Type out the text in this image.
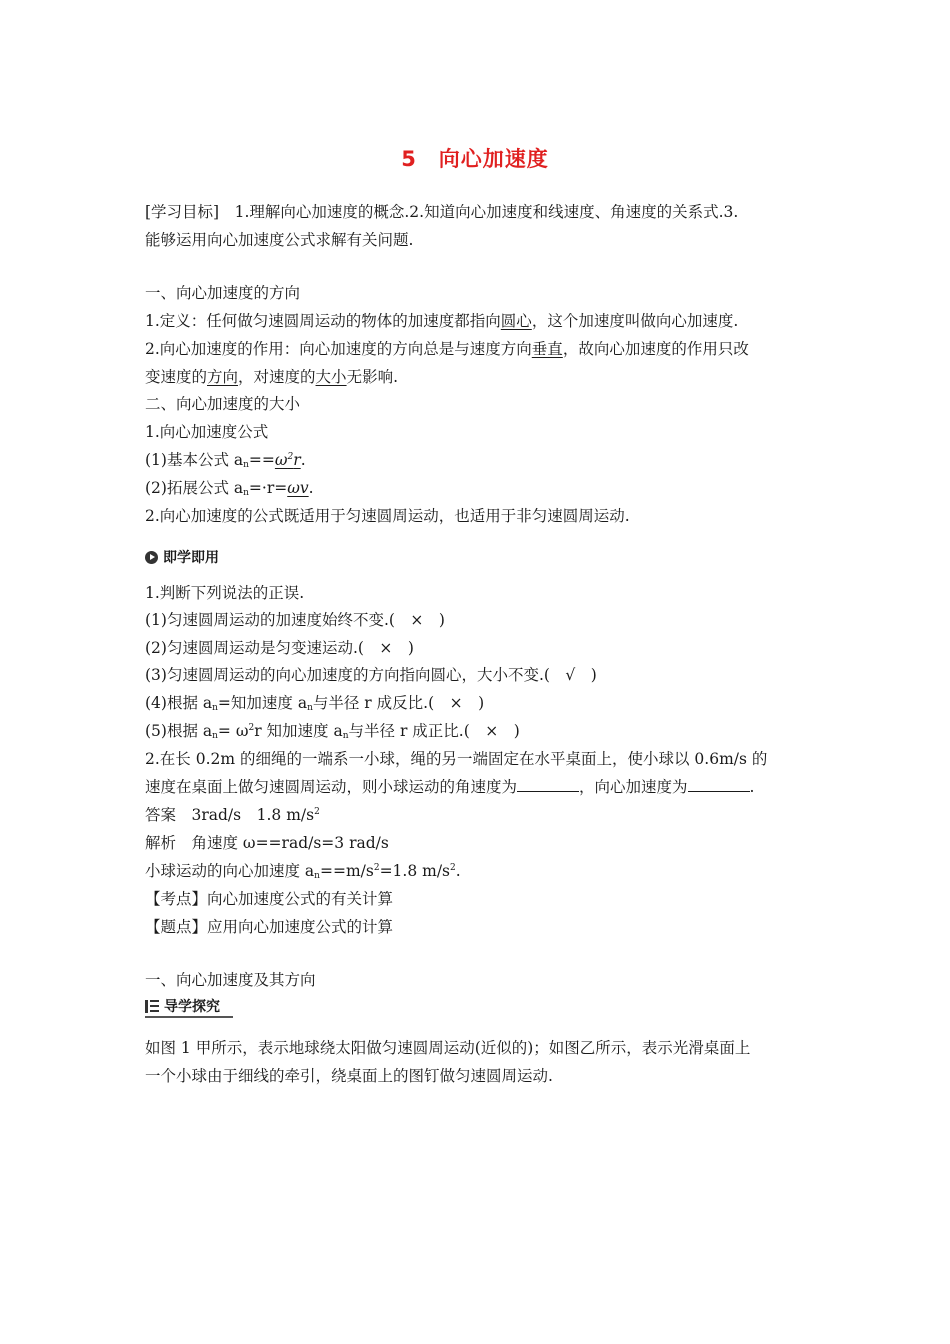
5　向心加速度
[学习目标]　1.理解向心加速度的概念.2.知道向心加速度和线速度、角速度的关系式.3.
能够运用向心加速度公式求解有关问题.
一、向心加速度的方向
1.定义：任何做匀速圆周运动的物体的加速度都指向圆心，这个加速度叫做向心加速度.
2.向心加速度的作用：向心加速度的方向总是与速度方向垂直，故向心加速度的作用只改
变速度的方向，对速度的大小无影响.
二、向心加速度的大小
1.向心加速度公式
(1)基本公式 $a_n==\omega^2r$.
(2)拓展公式 $a_n=\cdot r=\omega v$.
2.向心加速度的公式既适用于匀速圆周运动，也适用于非匀速圆周运动.
即学即用
1.判断下列说法的正误.
(1)匀速圆周运动的加速度始终不变.(　×　)
(2)匀速圆周运动是匀变速运动.(　×　)
(3)匀速圆周运动的向心加速度的方向指向圆心，大小不变.(　√　)
(4)根据 $a_n=$知加速度 $a_n$与半径 r 成反比.(　×　)
(5)根据 $a_n= \omega^2r$ 知加速度 $a_n$与半径 r 成正比.(　×　)
2.在长 0.2m 的细绳的一端系一小球，绳的另一端固定在水平桌面上，使小球以 0.6m/s 的
速度在桌面上做匀速圆周运动，则小球运动的角速度为	，向心加速度为	.
答案　3rad/s　1.8 $m/s^2$
解析　角速度 ω==rad/s=3 rad/s
小球运动的向心加速度 $a_n==m/s^2=1.8$ $m/s^2$.
【考点】向心加速度公式的有关计算
【题点】应用向心加速度公式的计算
一、向心加速度及其方向
导学探究
如图 1 甲所示，表示地球绕太阳做匀速圆周运动(近似的)；如图乙所示，表示光滑桌面上
一个小球由于细线的牵引，绕桌面上的图钉做匀速圆周运动.
